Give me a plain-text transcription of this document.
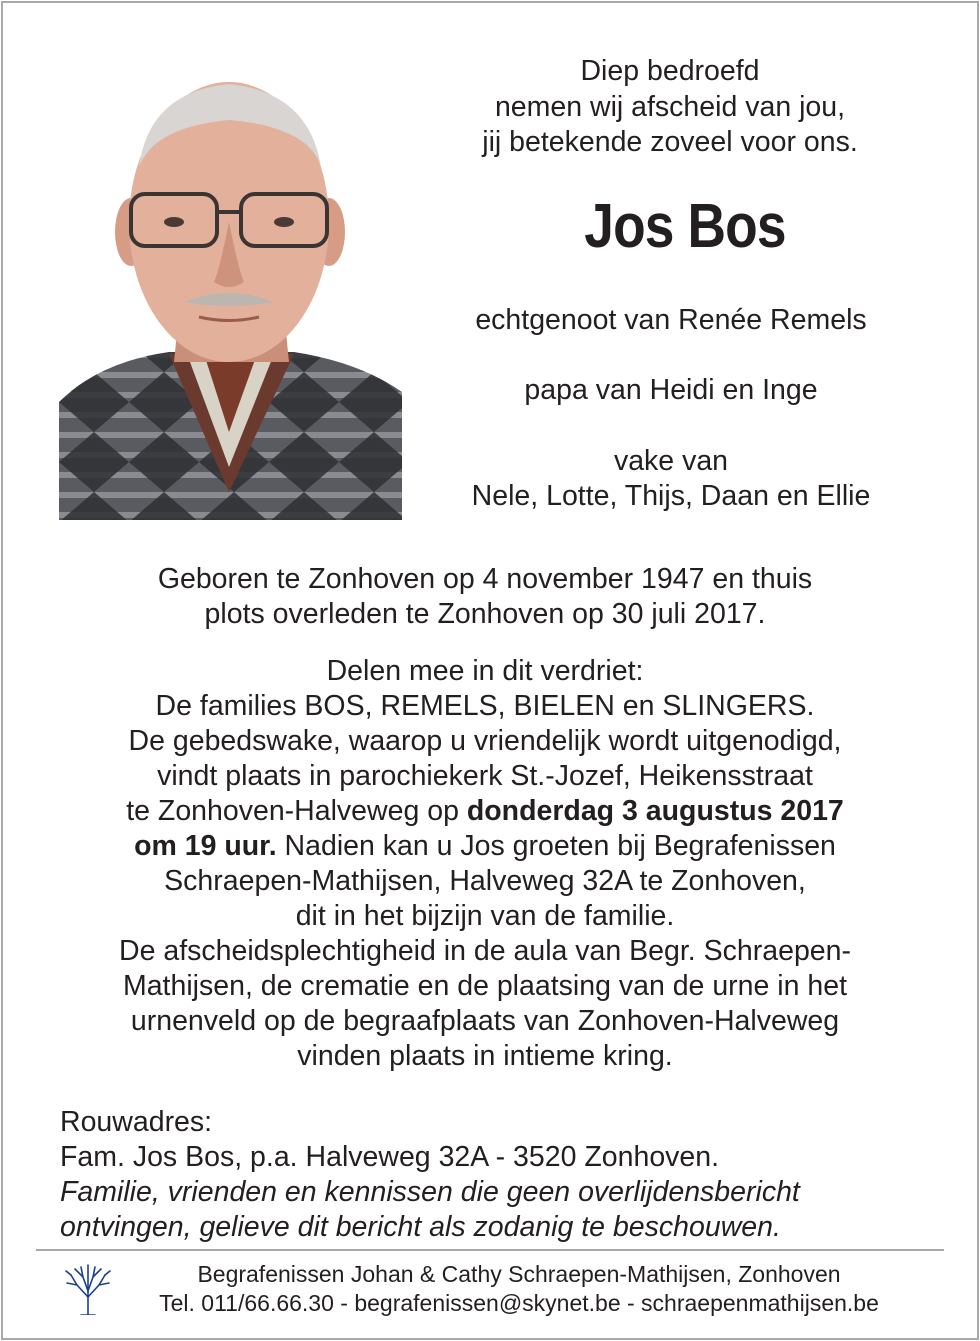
Diep bedroefd
nemen wij afscheid van jou,
jij betekende zoveel voor ons.
Jos Bos
echtgenoot van Renée Remels
papa van Heidi en Inge
vake van
Nele, Lotte, Thijs, Daan en Ellie
Geboren te Zonhoven op 4 november 1947 en thuis
plots overleden te Zonhoven op 30 juli 2017.
Delen mee in dit verdriet:
De families BOS, REMELS, BIELEN en SLINGERS.
De gebedswake, waarop u vriendelijk wordt uitgenodigd,
vindt plaats in parochiekerk St.-Jozef, Heikensstraat
te Zonhoven-Halveweg op donderdag 3 augustus 2017
om 19 uur. Nadien kan u Jos groeten bij Begrafenissen
Schraepen-Mathijsen, Halveweg 32A te Zonhoven,
dit in het bijzijn van de familie.
De afscheidsplechtigheid in de aula van Begr. Schraepen-
Mathijsen, de crematie en de plaatsing van de urne in het
urnenveld op de begraafplaats van Zonhoven-Halveweg
vinden plaats in intieme kring.
Rouwadres:
Fam. Jos Bos, p.a. Halveweg 32A - 3520 Zonhoven.
Familie, vrienden en kennissen die geen overlijdensbericht
ontvingen, gelieve dit bericht als zodanig te beschouwen.
Begrafenissen Johan & Cathy Schraepen-Mathijsen, Zonhoven
Tel. 011/66.66.30 - begrafenissen@skynet.be - schraepenmathijsen.be
